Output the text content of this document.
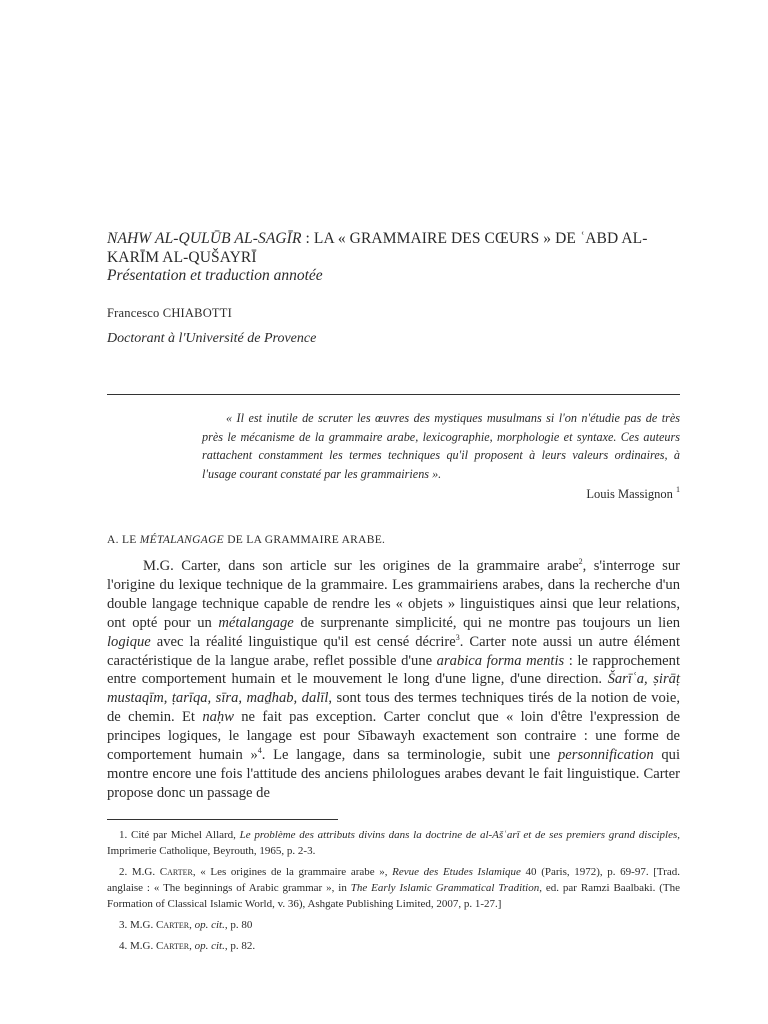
NAHW AL-QULŪB AL-SAGĪR : LA « GRAMMAIRE DES CŒURS » DE ʿABD AL-KARĪM AL-QUŠAYRĪ
Présentation et traduction annotée
Francesco CHIABOTTI
Doctorant à l'Université de Provence

« Il est inutile de scruter les œuvres des mystiques musulmans si l'on n'étudie pas de très près le mécanisme de la grammaire arabe, lexicographie, morphologie et syntaxe. Ces auteurs rattachent constamment les termes techniques qu'il proposent à leurs valeurs ordinaires, à l'usage courant constaté par les grammairiens ».

Louis Massignon $^1$
A. LE MÉTALANGAGE DE LA GRAMMAIRE ARABE.

M.G. Carter, dans son article sur les origines de la grammaire arabe$^2$, s'interroge sur l'origine du lexique technique de la grammaire. Les grammairiens arabes, dans la recherche d'un double langage technique capable de rendre les « objets » linguistiques ainsi que leur relations, ont opté pour un métalangage de surprenante simplicité, qui ne montre pas toujours un lien logique avec la réalité linguistique qu'il est censé décrire$^3$. Carter note aussi un autre élément caractéristique de la langue arabe, reflet possible d'une arabica forma mentis : le rapprochement entre comportement humain et le mouvement le long d'une ligne, d'une direction. Šarīʿa, ṣirāṭ mustaqīm, ṭarīqa, sīra, maḏhab, dalīl, sont tous des termes techniques tirés de la notion de voie, de chemin. Et naḥw ne fait pas exception. Carter conclut que « loin d'être l'expression de principes logiques, le langage est pour Sībawayh exactement son contraire : une forme de comportement humain »$^4$. Le langage, dans sa terminologie, subit une personnification qui montre encore une fois l'attitude des anciens philologues arabes devant le fait linguistique. Carter propose donc un passage de

1. Cité par Michel Allard, Le problème des attributs divins dans la doctrine de al-Ašʿarī et de ses premiers grand disciples, Imprimerie Catholique, Beyrouth, 1965, p. 2-3.

2. M.G. Carter, « Les origines de la grammaire arabe », Revue des Etudes Islamique 40 (Paris, 1972), p. 69-97. [Trad. anglaise : « The beginnings of Arabic grammar », in The Early Islamic Grammatical Tradition, ed. par Ramzi Baalbaki. (The Formation of Classical Islamic World, v. 36), Ashgate Publishing Limited, 2007, p. 1-27.]

3. M.G. Carter, op. cit., p. 80

4. M.G. Carter, op. cit., p. 82.
